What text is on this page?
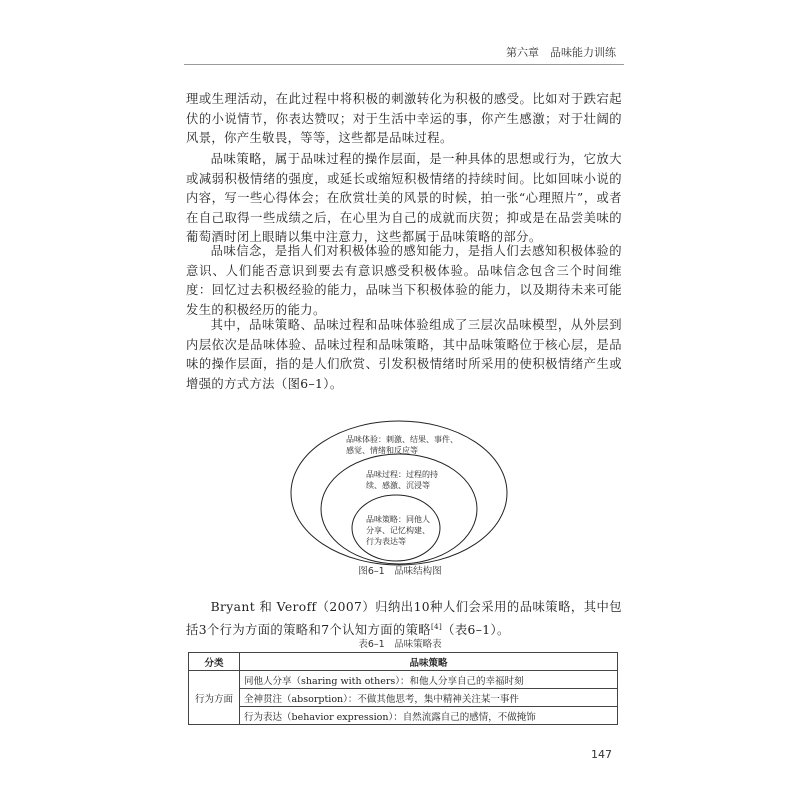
第六章　 品味能力训练

理或生理活动，在此过程中将积极的刺激转化为积极的感受。比如对于跌宕起伏的小说情节，你表达赞叹；对于生活中幸运的事，你产生感激；对于壮阔的风景，你产生敬畏，等等，这些都是品味过程。

品味策略，属于品味过程的操作层面，是一种具体的思想或行为，它放大或减弱积极情绪的强度，或延长或缩短积极情绪的持续时间。比如回味小说的内容，写一些心得体会；在欣赏壮美的风景的时候，拍一张“心理照片”，或者在自己取得一些成绩之后，在心里为自己的成就而庆贺；抑或是在品尝美味的葡萄酒时闭上眼睛以集中注意力，这些都属于品味策略的部分。

品味信念，是指人们对积极体验的感知能力，是指人们去感知积极体验的意识、人们能否意识到要去有意识感受积极体验。品味信念包含三个时间维度：回忆过去积极经验的能力，品味当下积极体验的能力，以及期待未来可能发生的积极经历的能力。

其中，品味策略、品味过程和品味体验组成了三层次品味模型，从外层到内层依次是品味体验、品味过程和品味策略，其中品味策略位于核心层，是品味的操作层面，指的是人们欣赏、引发积极情绪时所采用的使积极情绪产生或增强的方式方法（图6–1）。

品味体验：刺激、结果、事件、感觉、情绪和反应等

品味过程：过程的持续、感激、沉浸等

品味策略：同他人分享、记忆构建、行为表达等

图6–1　品味结构图

Bryant 和 Veroff（2007）归纳出10种人们会采用的品味策略，其中包括3个行为方面的策略和7个认知方面的策略[4]（表6–1）。

表6–1　品味策略表
分类	品味策略
行为方面	同他人分享（sharing with others）：和他人分享自己的幸福时刻
	全神贯注（absorption）：不做其他思考，集中精神关注某一事件
	行为表达（behavior expression）：自然流露自己的感情，不做掩饰
147
